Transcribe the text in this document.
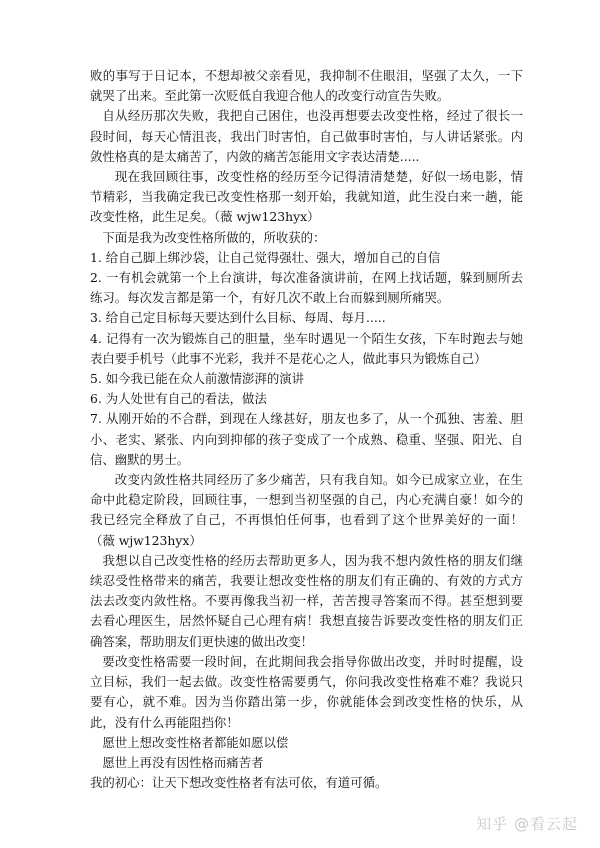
败的事写于日记本，不想却被父亲看见，我抑制不住眼泪，坚强了太久，一下就哭了出来。至此第一次贬低自我迎合他人的改变行动宣告失败。

自从经历那次失败，我把自己困住，也没再想要去改变性格，经过了很长一段时间，每天心情沮丧，我出门时害怕，自己做事时害怕，与人讲话紧张。内敛性格真的是太痛苦了，内敛的痛苦怎能用文字表达清楚.....

现在我回顾往事，改变性格的经历至今记得清清楚楚，好似一场电影，情节精彩，当我确定我已改变性格那一刻开始，我就知道，此生没白来一趟，能改变性格，此生足矣。（薇 wjw123hyx）

下面是我为改变性格所做的，所收获的：

1. 给自己脚上绑沙袋，让自己觉得强壮、强大，增加自己的自信

2. 一有机会就第一个上台演讲，每次准备演讲前，在网上找话题，躲到厕所去练习。每次发言都是第一个，有好几次不敢上台而躲到厕所痛哭。

3. 给自己定目标每天要达到什么目标、每周、每月.....

4. 记得有一次为锻炼自己的胆量，坐车时遇见一个陌生女孩，下车时跑去与她表白要手机号（此事不光彩，我并不是花心之人，做此事只为锻炼自己）

5. 如今我已能在众人前激情澎湃的演讲

6. 为人处世有自己的看法，做法

7. 从刚开始的不合群，到现在人缘甚好，朋友也多了，从一个孤独、害羞、胆小、老实、紧张、内向到抑郁的孩子变成了一个成熟、稳重、坚强、阳光、自信、幽默的男士。

改变内敛性格共同经历了多少痛苦，只有我自知。如今已成家立业，在生命中此稳定阶段，回顾往事，一想到当初坚强的自己，内心充满自豪！如今的我已经完全释放了自己，不再惧怕任何事，也看到了这个世界美好的一面！（薇 wjw123hyx）

我想以自己改变性格的经历去帮助更多人，因为我不想内敛性格的朋友们继续忍受性格带来的痛苦，我要让想改变性格的朋友们有正确的、有效的方式方法去改变内敛性格。不要再像我当初一样，苦苦搜寻答案而不得。甚至想到要去看心理医生，居然怀疑自己心理有病！我想直接告诉要改变性格的朋友们正确答案，帮助朋友们更快速的做出改变！

要改变性格需要一段时间，在此期间我会指导你做出改变，并时时提醒，设立目标，我们一起去做。改变性格需要勇气，你问我改变性格难不难？我说只要有心，就不难。因为当你踏出第一步，你就能体会到改变性格的快乐，从此，没有什么再能阻挡你！

愿世上想改变性格者都能如愿以偿

愿世上再没有因性格而痛苦者

我的初心：让天下想改变性格者有法可依，有道可循。

知乎 @看云起
